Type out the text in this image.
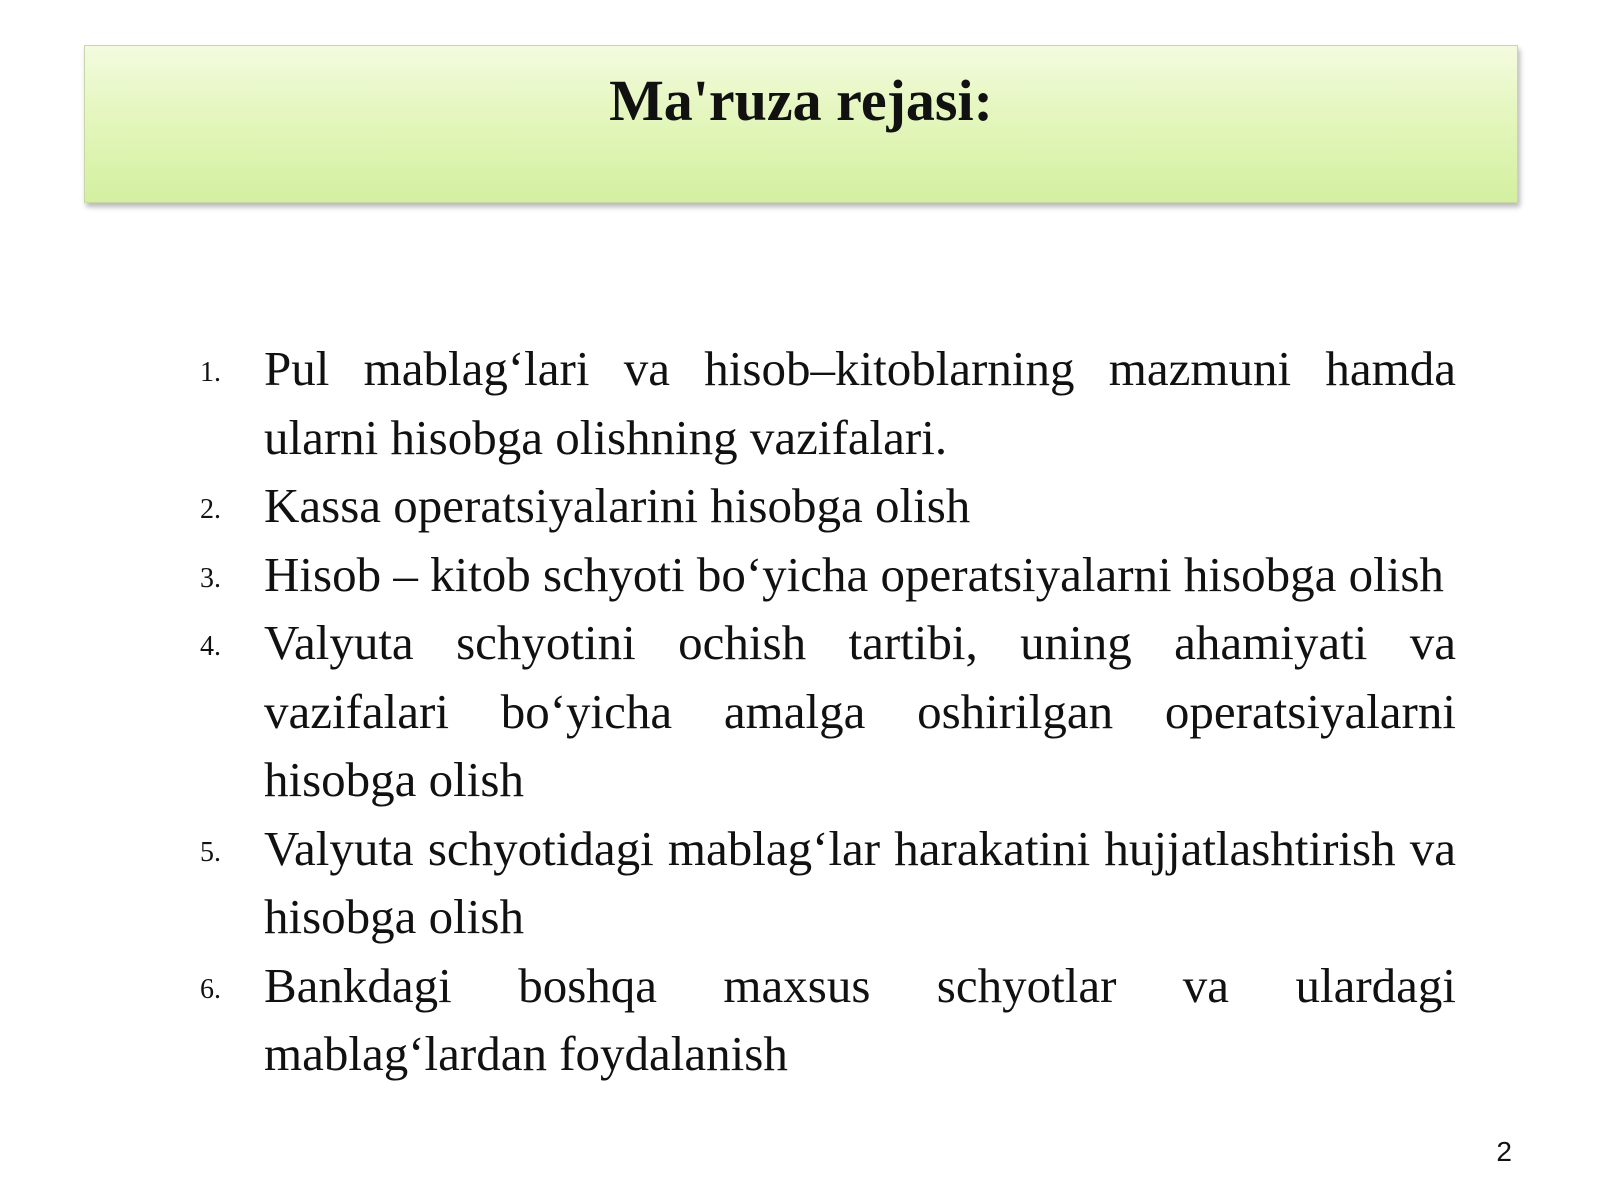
Ma'ruza rejasi:
1. Pul mablag‘lari va hisob–kitoblarning mazmuni hamda ularni hisobga olishning vazifalari.
2. Kassa operatsiyalarini hisobga olish
3. Hisob – kitob schyoti bo‘yicha operatsiyalarni hisobga olish
4. Valyuta schyotini ochish tartibi, uning ahamiyati va vazifalari bo‘yicha amalga oshirilgan operatsiyalarni hisobga olish
5. Valyuta schyotidagi mablag‘lar harakatini hujjatlashtirish va hisobga olish
6. Bankdagi boshqa maxsus schyotlar va ulardagi mablag‘lardan foydalanish
2
